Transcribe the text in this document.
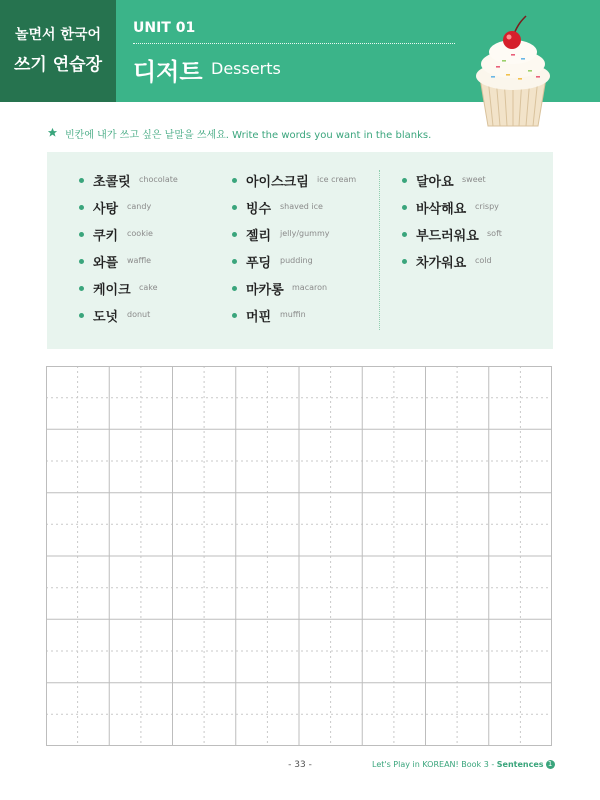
놀면서 한국어
쓰기 연습장
UNIT 01
디저트 Desserts
빈칸에 내가 쓰고 싶은 낱말을 쓰세요. Write the words you want in the blanks.
초콜릿 chocolate
사탕 candy
쿠키 cookie
와플 waffle
케이크 cake
도넛 donut
아이스크림 ice cream
빙수 shaved ice
젤리 jelly/gummy
푸딩 pudding
마카롱 macaron
머핀 muffin
달아요 sweet
바삭해요 crispy
부드러워요 soft
차가워요 cold
- 33 -	Let's Play in KOREAN! Book 3 - Sentences 1
